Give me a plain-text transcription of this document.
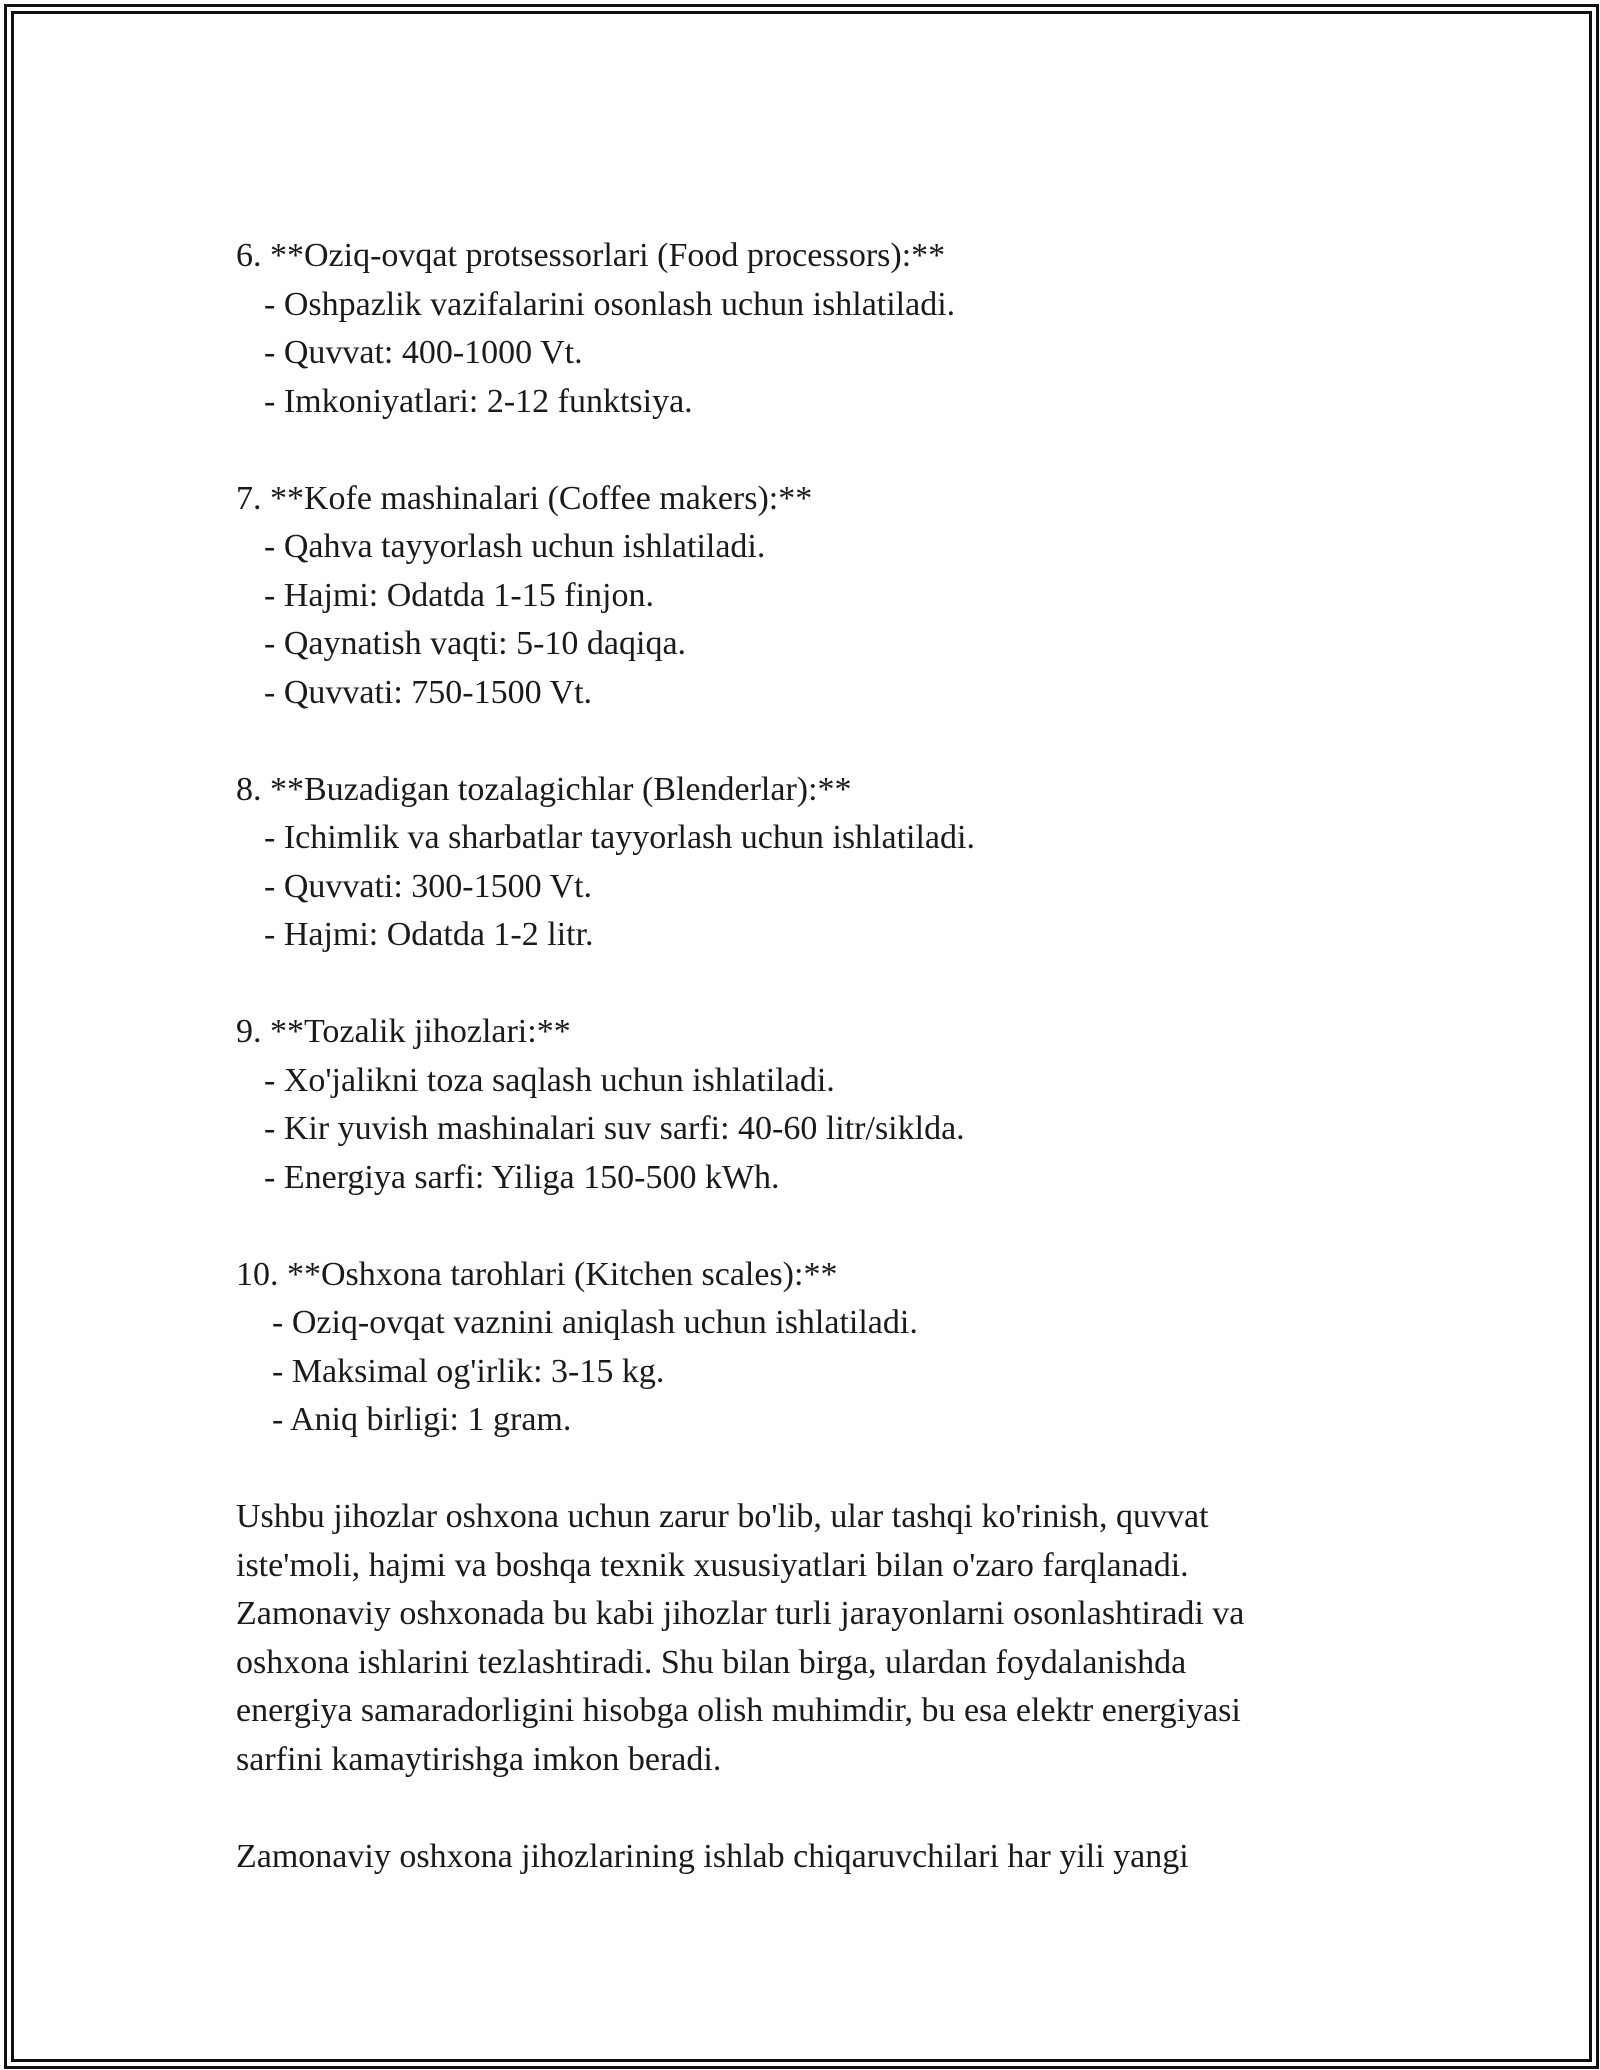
6. **Oziq-ovqat protsessorlari (Food processors):**
- Oshpazlik vazifalarini osonlash uchun ishlatiladi.
- Quvvat: 400-1000 Vt.
- Imkoniyatlari: 2-12 funktsiya.
7. **Kofe mashinalari (Coffee makers):**
- Qahva tayyorlash uchun ishlatiladi.
- Hajmi: Odatda 1-15 finjon.
- Qaynatish vaqti: 5-10 daqiqa.
- Quvvati: 750-1500 Vt.
8. **Buzadigan tozalagichlar (Blenderlar):**
- Ichimlik va sharbatlar tayyorlash uchun ishlatiladi.
- Quvvati: 300-1500 Vt.
- Hajmi: Odatda 1-2 litr.
9. **Tozalik jihozlari:**
- Xo'jalikni toza saqlash uchun ishlatiladi.
- Kir yuvish mashinalari suv sarfi: 40-60 litr/siklda.
- Energiya sarfi: Yiliga 150-500 kWh.
10. **Oshxona tarohlari (Kitchen scales):**
- Oziq-ovqat vaznini aniqlash uchun ishlatiladi.
- Maksimal og'irlik: 3-15 kg.
- Aniq birligi: 1 gram.
Ushbu jihozlar oshxona uchun zarur bo'lib, ular tashqi ko'rinish, quvvat
iste'moli, hajmi va boshqa texnik xususiyatlari bilan o'zaro farqlanadi.
Zamonaviy oshxonada bu kabi jihozlar turli jarayonlarni osonlashtiradi va
oshxona ishlarini tezlashtiradi. Shu bilan birga, ulardan foydalanishda
energiya samaradorligini hisobga olish muhimdir, bu esa elektr energiyasi
sarfini kamaytirishga imkon beradi.
Zamonaviy oshxona jihozlarining ishlab chiqaruvchilari har yili yangi
